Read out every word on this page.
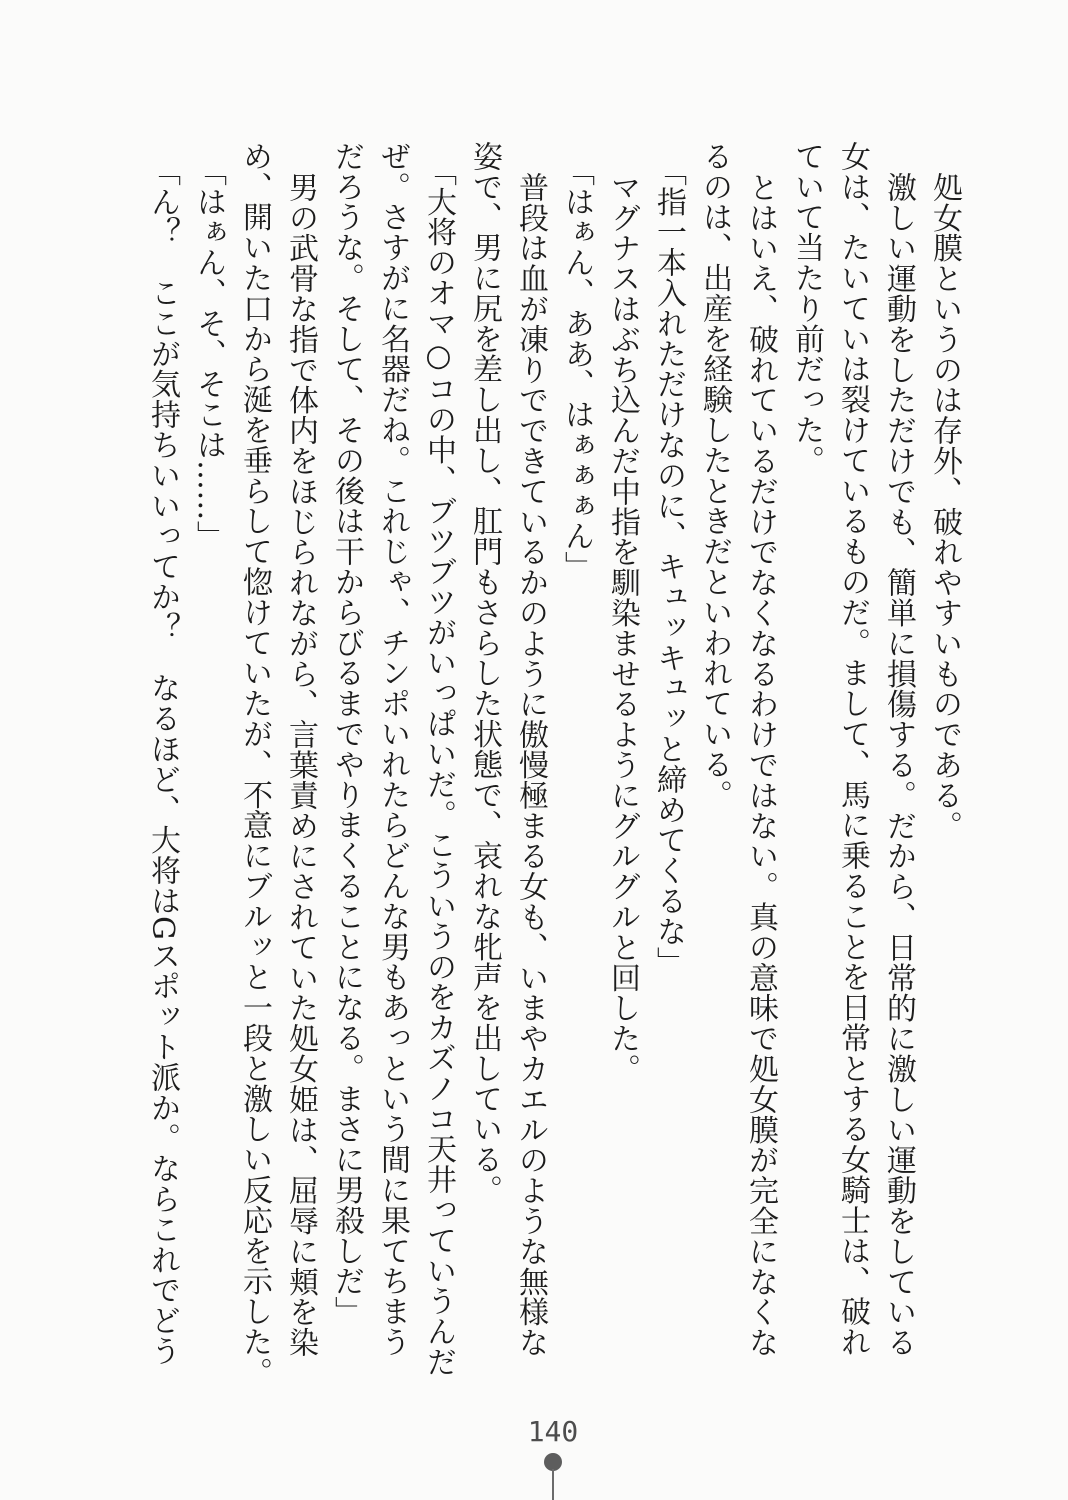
処女膜というのは存外、破れやすいものである。
激しい運動をしただけでも、簡単に損傷する。だから、日常的に激しい運動をしている
女は、たいていは裂けているものだ。まして、馬に乗ることを日常とする女騎士は、破れ
ていて当たり前だった。
とはいえ、破れているだけでなくなるわけではない。真の意味で処女膜が完全になくな
るのは、出産を経験したときだといわれている。
「指一本入れただけなのに、キュッキュッと締めてくるな」
マグナスはぶち込んだ中指を馴染ませるようにグルグルと回した。
「はぁん、ああ、はぁぁぁん」
普段は血が凍りでできているかのように傲慢極まる女も、いまやカエルのような無様な
姿で、男に尻を差し出し、肛門もさらした状態で、哀れな牝声を出している。
「大将のオマ○コの中、ブツブツがいっぱいだ。こういうのをカズノコ天井っていうんだ
ぜ。さすがに名器だね。これじゃ、チンポいれたらどんな男もあっという間に果てちまう
だろうな。そして、その後は干からびるまでやりまくることになる。まさに男殺しだ」
男の武骨な指で体内をほじられながら、言葉責めにされていた処女姫は、屈辱に頬を染
め、開いた口から涎を垂らして惚けていたが、不意にブルッと一段と激しい反応を示した。
「はぁん、そ、そこは……」
「ん？　ここが気持ちいいってか？　なるほど、大将はGスポット派か。ならこれでどう
140
